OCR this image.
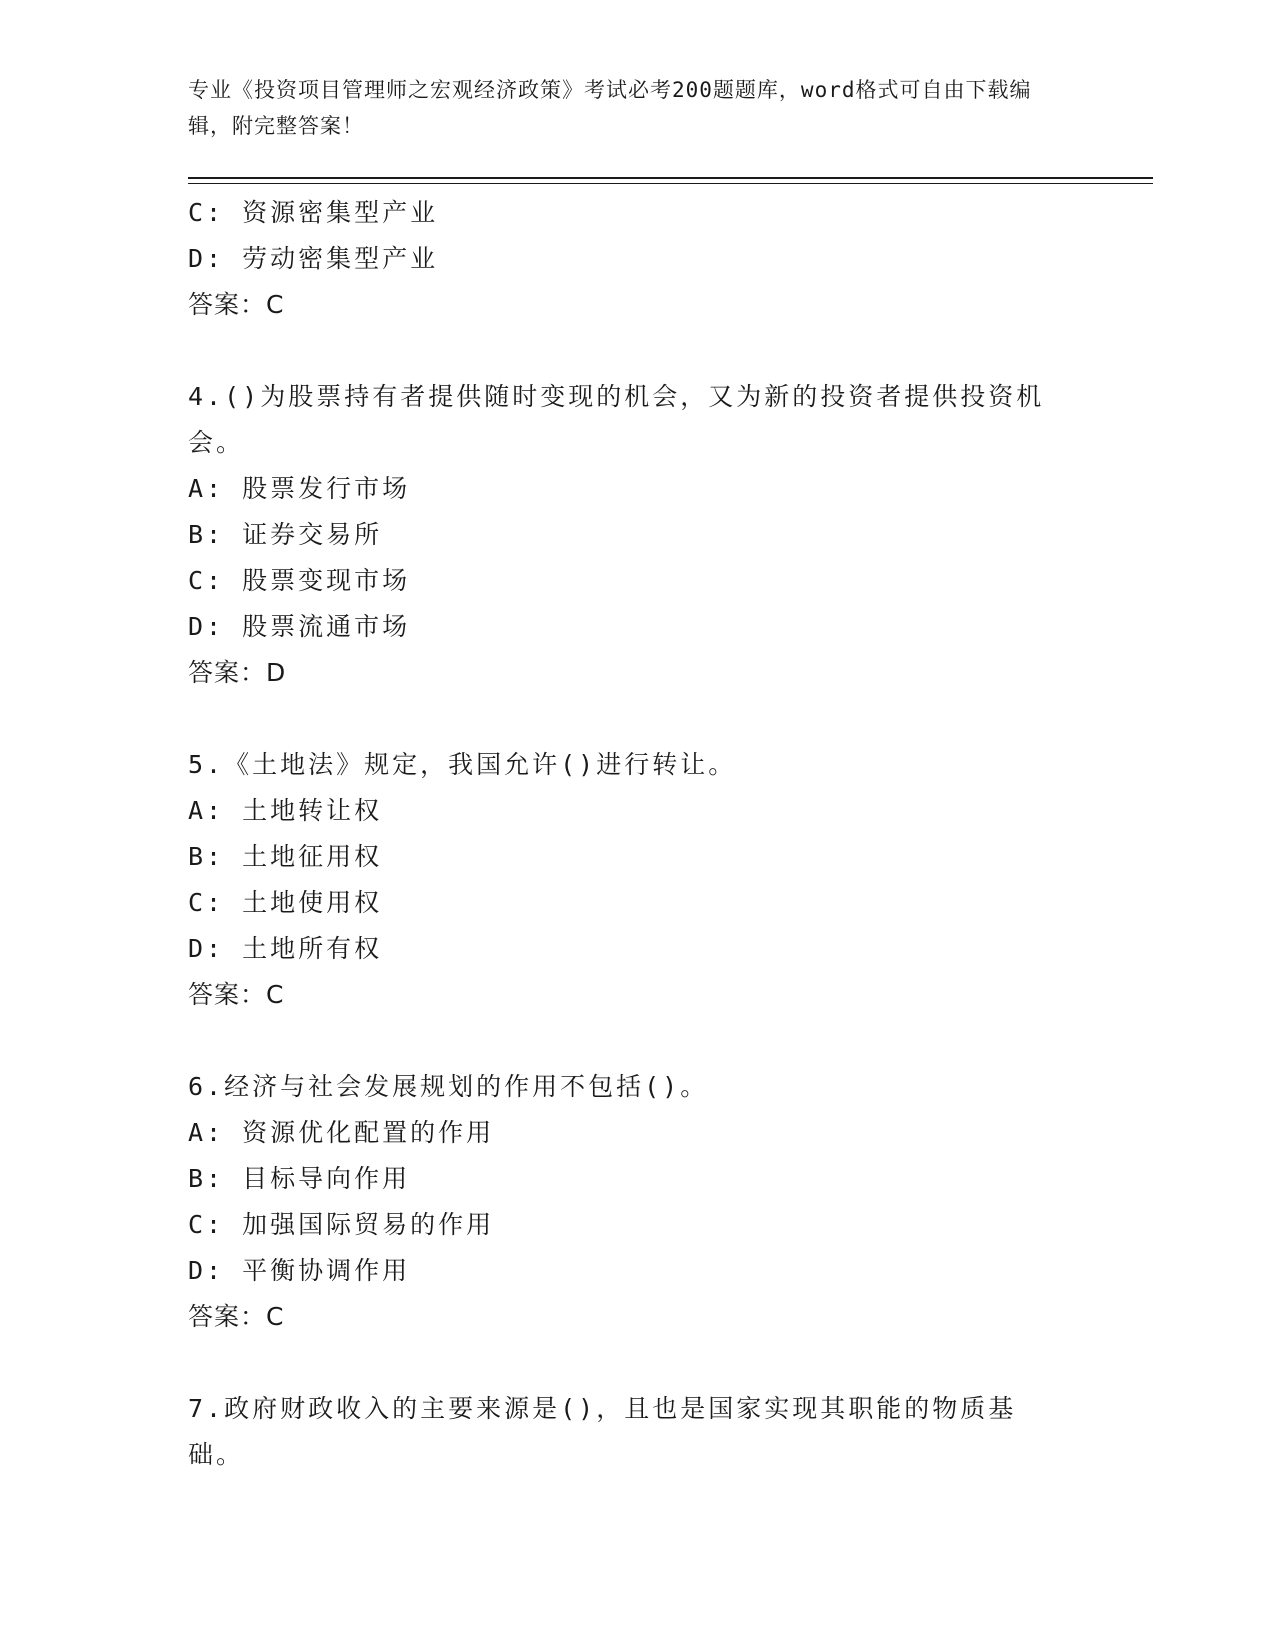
专业《投资项目管理师之宏观经济政策》考试必考200题题库，word格式可自由下载编辑，附完整答案！
C: 资源密集型产业
D: 劳动密集型产业
答案：C
4.()为股票持有者提供随时变现的机会，又为新的投资者提供投资机会。
A: 股票发行市场
B: 证券交易所
C: 股票变现市场
D: 股票流通市场
答案：D
5.《土地法》规定，我国允许()进行转让。
A: 土地转让权
B: 土地征用权
C: 土地使用权
D: 土地所有权
答案：C
6.经济与社会发展规划的作用不包括()。
A: 资源优化配置的作用
B: 目标导向作用
C: 加强国际贸易的作用
D: 平衡协调作用
答案：C
7.政府财政收入的主要来源是()，且也是国家实现其职能的物质基础。
